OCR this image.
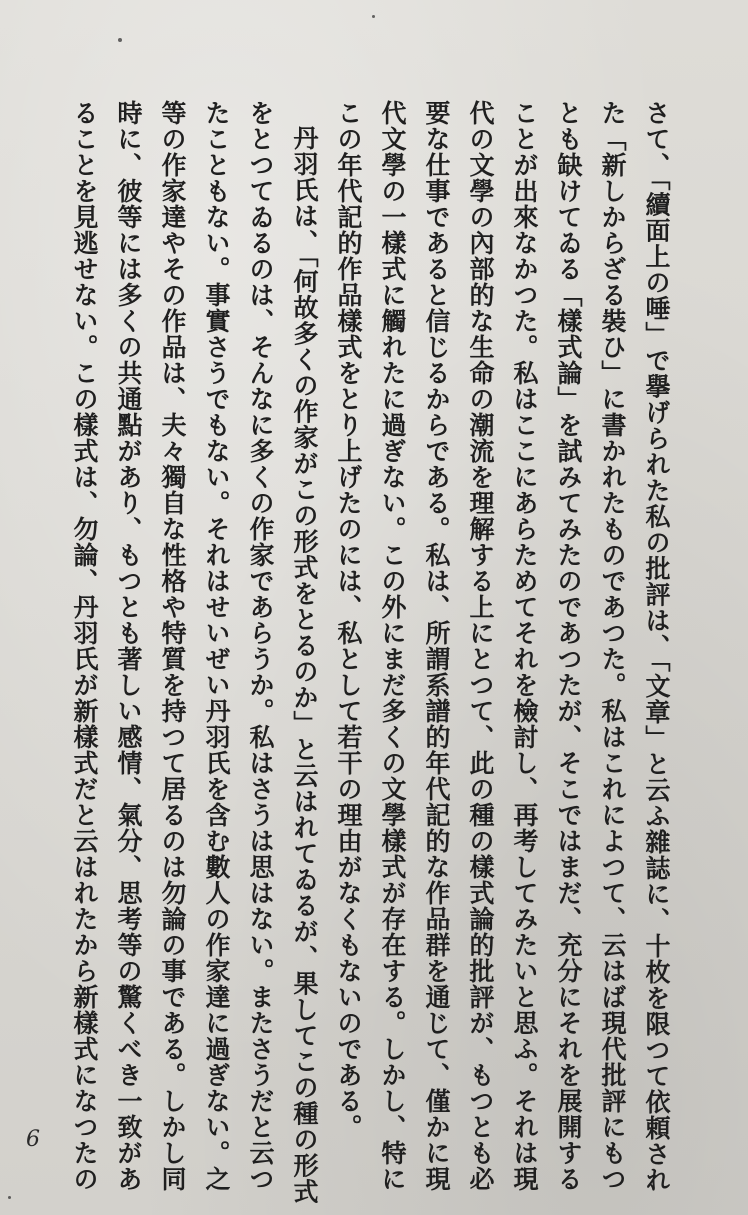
さて、「續面上の唾」で擧げられた私の批評は、「文章」と云ふ雜誌に、十枚を限つて依頼され
た「新しからざる裝ひ」に書かれたものであつた。私はこれによつて、云はば現代批評にもつ
とも缺けてゐる「樣式論」を試みてみたのであつたが、そこではまだ、充分にそれを展開する
ことが出來なかつた。私はここにあらためてそれを檢討し、再考してみたいと思ふ。それは現
代の文學の內部的な生命の潮流を理解する上にとつて、此の種の樣式論的批評が、もつとも必
要な仕事であると信じるからである。私は、所謂系譜的年代記的な作品群を通じて、僅かに現
代文學の一樣式に觸れたに過ぎない。この外にまだ多くの文學樣式が存在する。しかし、特に
この年代記的作品樣式をとり上げたのには、私として若干の理由がなくもないのである。
丹羽氏は、「何故多くの作家がこの形式をとるのか」と云はれてゐるが、果してこの種の形式
をとつてゐるのは、そんなに多くの作家であらうか。私はさうは思はない。またさうだと云つ
たこともない。事實さうでもない。それはせいぜい丹羽氏を含む數人の作家達に過ぎない。之
等の作家達やその作品は、夫々獨自な性格や特質を持つて居るのは勿論の事である。しかし同
時に、彼等には多くの共通點があり、もつとも著しい感情、氣分、思考等の驚くべき一致があ
ることを見逃せない。この樣式は、勿論、丹羽氏が新樣式だと云はれたから新樣式になつたの
6
